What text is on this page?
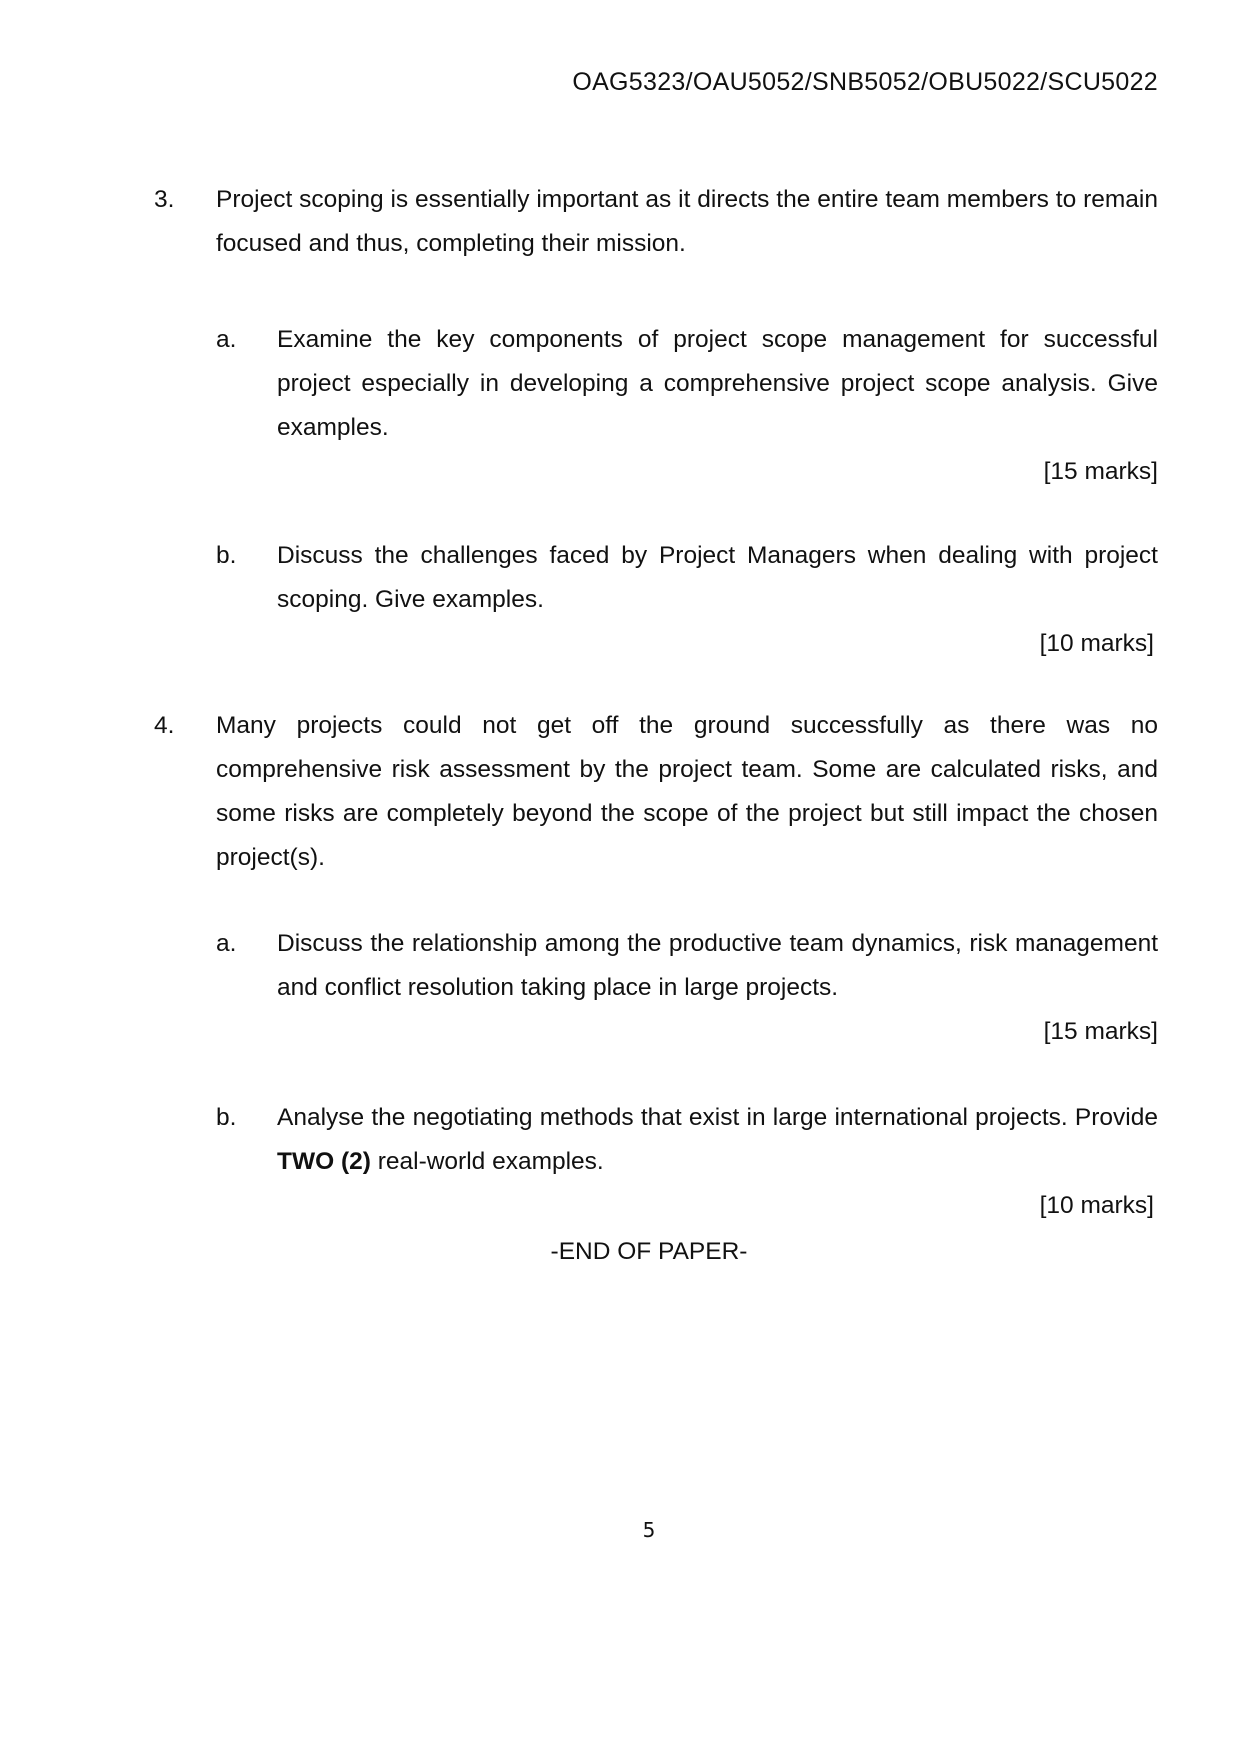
OAG5323/OAU5052/SNB5052/OBU5022/SCU5022
3. Project scoping is essentially important as it directs the entire team members to remain focused and thus, completing their mission.
a. Examine the key components of project scope management for successful project especially in developing a comprehensive project scope analysis. Give examples.
[15 marks]
b. Discuss the challenges faced by Project Managers when dealing with project scoping. Give examples.
[10 marks]
4. Many projects could not get off the ground successfully as there was no comprehensive risk assessment by the project team. Some are calculated risks, and some risks are completely beyond the scope of the project but still impact the chosen project(s).
a. Discuss the relationship among the productive team dynamics, risk management and conflict resolution taking place in large projects.
[15 marks]
b. Analyse the negotiating methods that exist in large international projects. Provide TWO (2) real-world examples.
[10 marks]
-END OF PAPER-
5
